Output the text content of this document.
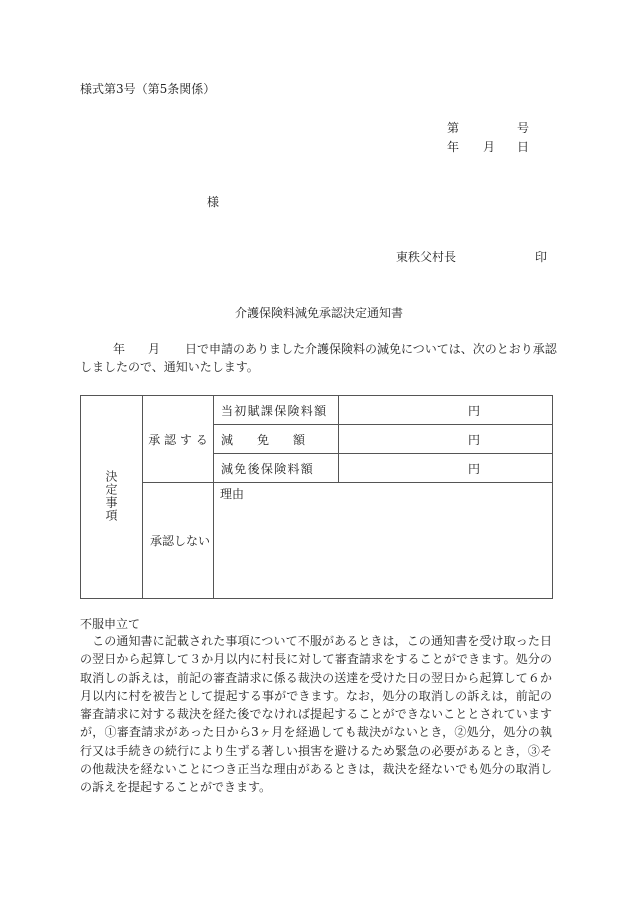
様式第3号（第5条関係）
第	号
年 月 日
様
東秩父村長	印
介護保険料減免承認決定通知書
年 月 日で申請のありました介護保険料の減免については、次のとおり承認
しましたので、通知いたします。
決定事項	承 認 す る	当初賦課保険料額	円
		減　　免　　額	円
		減免後保険料額	円
	承認しない	理由	
不服申立て
この通知書に記載された事項について不服があるときは，この通知書を受け取った日の翌日から起算して３か月以内に村長に対して審査請求をすることができます。処分の取消しの訴えは，前記の審査請求に係る裁決の送達を受けた日の翌日から起算して６か月以内に村を被告として提起する事ができます。なお，処分の取消しの訴えは，前記の審査請求に対する裁決を経た後でなければ提起することができないこととされていますが，①審査請求があった日から3ヶ月を経過しても裁決がないとき，②処分，処分の執行又は手続きの続行により生ずる著しい損害を避けるため緊急の必要があるとき，③その他裁決を経ないことにつき正当な理由があるときは，裁決を経ないでも処分の取消しの訴えを提起することができます。
